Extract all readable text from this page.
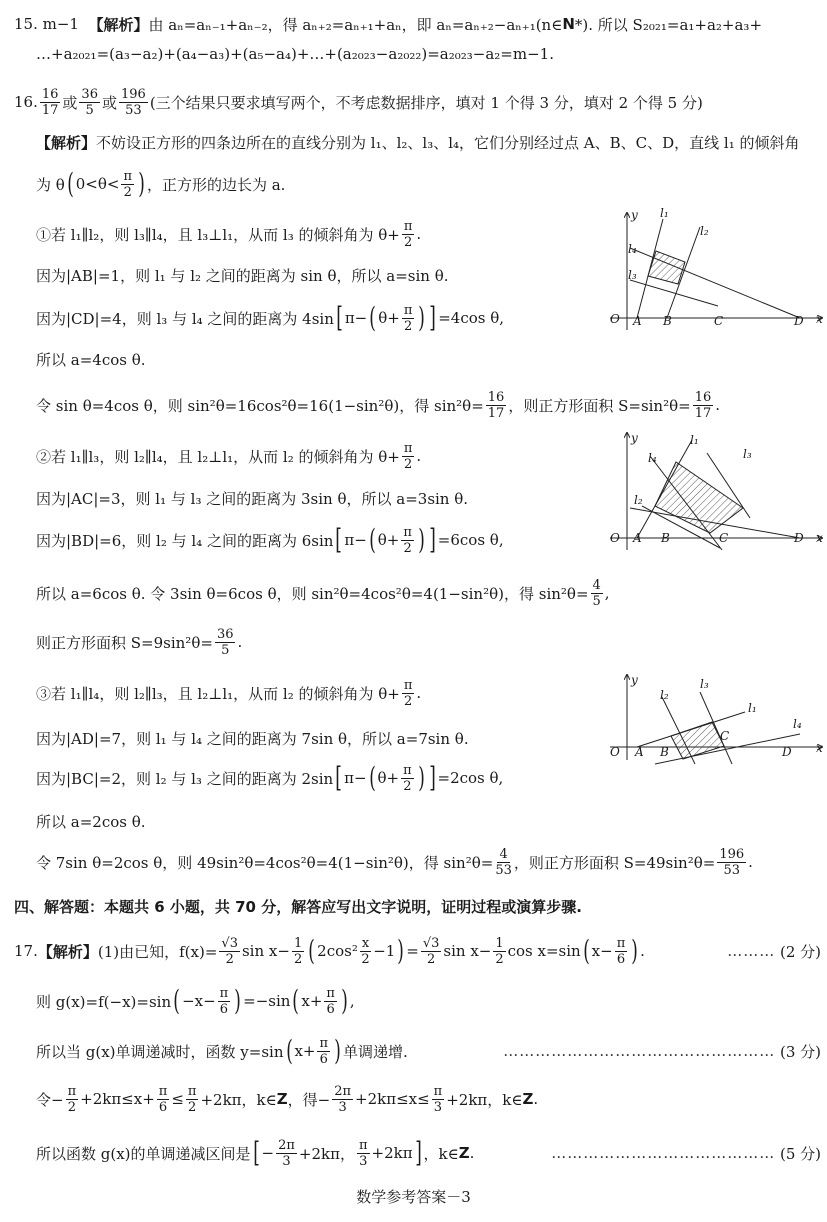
y l₁
l₂
l₄
l₃
O A B	C	D x
y	l₁
l₄	l₃
l₂
O A B	C	D x
y
l₂
l₃
l₁
l₄
O A B
C
D x
数学参考答案－3
15. m−1 【解析】 由 aₙ=aₙ₋₁+aₙ₋₂，得 aₙ₊₂=aₙ₊₁+aₙ，即 aₙ=aₙ₊₂−aₙ₊₁(n∈ N *). 所以 S₂₀₂₁=a₁+a₂+a₃+
…+a₂₀₂₁=(a₃−a₂)+(a₄−a₃)+(a₅−a₄)+…+(a₂₀₂₃−a₂₀₂₂)=a₂₀₂₃−a₂=m−1.
16. $\frac{16}{17}$ 或 $\frac{36}{5}$ 或 $\frac{196}{53}$ (三个结果只要求填写两个，不考虑数据排序，填对 1 个得 3 分，填对 2 个得 5 分)
【解析】 不妨设正方形的四条边所在的直线分别为 l₁、l₂、l₃、l₄，它们分别经过点 A、B、C、D，直线 l₁ 的倾斜角
为 θ ( $0<\theta< \frac{\pi}{2}$ ) ，正方形的边长为 a.
①若 l₁∥l₂，则 l₃∥l₄，且 l₃⊥l₁，从而 l₃ 的倾斜角为 $\theta+ \frac{\pi}{2}$ .
因为|AB|=1，则 l₁ 与 l₂ 之间的距离为 sin θ，所以 a=sin θ.
因为|CD|=4，则 l₃ 与 l₄ 之间的距离为 4sin [ π− ( $\theta+ \frac{\pi}{2}$ ) ] =4cos θ,
所以 a=4cos θ.
令 sin θ=4cos θ，则 sin²θ=16cos²θ=16(1−sin²θ)，得 $\sin^2\theta= \frac{16}{17}$ ，则正方形面积 $S=\sin^2\theta= \frac{16}{17}$ .
②若 l₁∥l₃，则 l₂∥l₄，且 l₂⊥l₁，从而 l₂ 的倾斜角为 $\theta+ \frac{\pi}{2}$ .
因为|AC|=3，则 l₁ 与 l₃ 之间的距离为 3sin θ，所以 a=3sin θ.
因为|BD|=6，则 l₂ 与 l₄ 之间的距离为 6sin [ π− ( $\theta+ \frac{\pi}{2}$ ) ] =6cos θ,
所以 a=6cos θ. 令 3sin θ=6cos θ，则 sin²θ=4cos²θ=4(1−sin²θ)，得 $\sin^2\theta= \frac{4}{5}$ ,
则正方形面积 $S=9\sin^2\theta= \frac{36}{5}$ .
③若 l₁∥l₄，则 l₂∥l₃，且 l₂⊥l₁，从而 l₂ 的倾斜角为 $\theta+ \frac{\pi}{2}$ .
因为|AD|=7，则 l₁ 与 l₄ 之间的距离为 7sin θ，所以 a=7sin θ.
因为|BC|=2，则 l₂ 与 l₃ 之间的距离为 2sin [ π− ( $\theta+ \frac{\pi}{2}$ ) ] =2cos θ,
所以 a=2cos θ.
令 7sin θ=2cos θ，则 49sin²θ=4cos²θ=4(1−sin²θ)，得 $\sin^2\theta= \frac{4}{53}$ ，则正方形面积 $S=49\sin^2\theta= \frac{196}{53}$ .
四、解答题：本题共 6 小题，共 70 分，解答应写出文字说明，证明过程或演算步骤.
17. 【解析】 (1)由已知，$f(x)= \frac{√3}{2}$ $\sin x- \frac{1}{2}$ ( $2\cos^2 \frac{x}{2} -1$ ) = $\frac{√3}{2}$ $\sin x- \frac{1}{2}$ cos x=sin ( $x- \frac{\pi}{6}$ ) .	……… (2 分)
则 g(x)=f(−x)=sin ( $-x- \frac{\pi}{6}$ ) =−sin ( $x+ \frac{\pi}{6}$ ) ,
所以当 g(x)单调递减时，函数 y=sin ( $x+ \frac{\pi}{6}$ ) 单调递增.	…………………………………………… (3 分)
令− $\frac{\pi}{2} +2k\pi\le x+ \frac{\pi}{6} \le \frac{\pi}{2} +2k\pi$，k∈ Z ，得− $\frac{2\pi}{3} +2k\pi\le x\le \frac{\pi}{3} +2k\pi$，k∈ Z .
所以函数 g(x)的单调递减区间是 [ − $\frac{2\pi}{3} +2k\pi$， $\frac{\pi}{3} +2k\pi$ ] ，k∈ Z .	…………………………………… (5 分)
